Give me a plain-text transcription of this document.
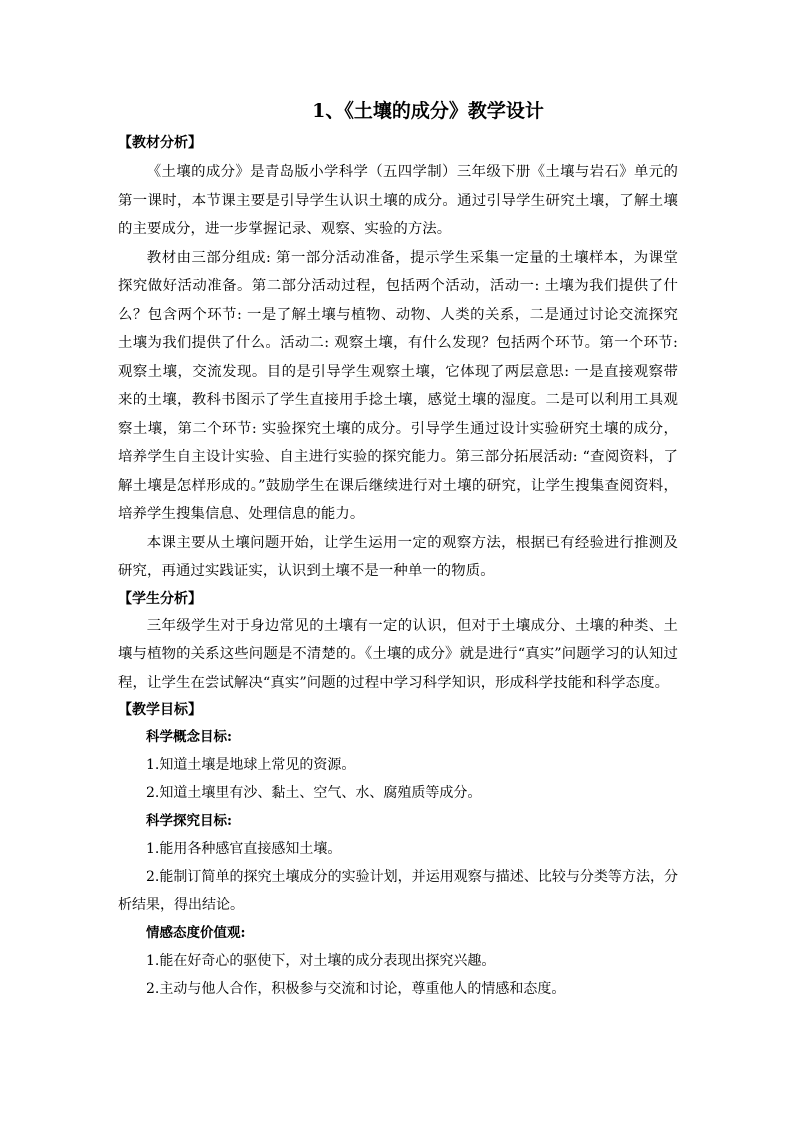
1、《土壤的成分》教学设计
【教材分析】

《土壤的成分》是青岛版小学科学（五四学制）三年级下册《土壤与岩石》单元的第一课时，本节课主要是引导学生认识土壤的成分。通过引导学生研究土壤，了解土壤的主要成分，进一步掌握记录、观察、实验的方法。

教材由三部分组成: 第一部分活动准备，提示学生采集一定量的土壤样本，为课堂探究做好活动准备。第二部分活动过程，包括两个活动，活动一: 土壤为我们提供了什么？包含两个环节: 一是了解土壤与植物、动物、人类的关系，二是通过讨论交流探究土壤为我们提供了什么。活动二: 观察土壤，有什么发现？包括两个环节。第一个环节: 观察土壤，交流发现。目的是引导学生观察土壤，它体现了两层意思: 一是直接观察带来的土壤，教科书图示了学生直接用手捻土壤，感觉土壤的湿度。二是可以利用工具观察土壤，第二个环节: 实验探究土壤的成分。引导学生通过设计实验研究土壤的成分，培养学生自主设计实验、自主进行实验的探究能力。第三部分拓展活动: “查阅资料，了解土壤是怎样形成的。”鼓励学生在课后继续进行对土壤的研究，让学生搜集查阅资料，培养学生搜集信息、处理信息的能力。

本课主要从土壤问题开始，让学生运用一定的观察方法，根据已有经验进行推测及研究，再通过实践证实，认识到土壤不是一种单一的物质。

【学生分析】

三年级学生对于身边常见的土壤有一定的认识，但对于土壤成分、土壤的种类、土壤与植物的关系这些问题是不清楚的。《土壤的成分》就是进行“真实”问题学习的认知过程，让学生在尝试解决“真实”问题的过程中学习科学知识，形成科学技能和科学态度。

【教学目标】
科学概念目标:

1.知道土壤是地球上常见的资源。

2.知道土壤里有沙、黏土、空气、水、腐殖质等成分。

科学探究目标:

1.能用各种感官直接感知土壤。

2.能制订简单的探究土壤成分的实验计划，并运用观察与描述、比较与分类等方法，分析结果，得出结论。

情感态度价值观:

1.能在好奇心的驱使下，对土壤的成分表现出探究兴趣。

2.主动与他人合作，积极参与交流和讨论，尊重他人的情感和态度。
